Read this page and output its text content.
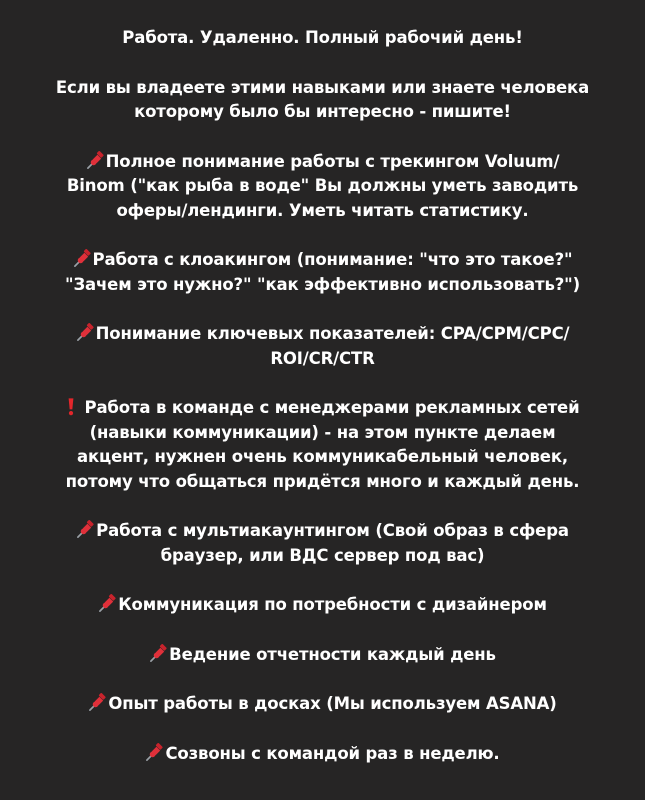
Работа. Удаленно. Полный рабочий день!
Если вы владеете этими навыками или знаете человека
которому было бы интересно - пишите!
Полное понимание работы с трекингом Voluum/
Binom ("как рыба в воде" Вы должны уметь заводить
оферы/лендинги. Уметь читать статистику.
Работа с клоакингом (понимание: "что это такое?"
"Зачем это нужно?" "как эффективно использовать?")
Понимание ключевых показателей: CPA/CPM/CPC/
ROI/CR/CTR
Работа в команде с менеджерами рекламных сетей
(навыки коммуникации) - на этом пункте делаем
акцент, нужнен очень коммуникабельный человек,
потому что общаться придётся много и каждый день.
Работа с мультиакаунтингом (Свой образ в сфера
браузер, или ВДС сервер под вас)
Коммуникация по потребности с дизайнером
Ведение отчетности каждый день
Опыт работы в досках (Мы используем ASANA)
Созвоны с командой раз в неделю.
